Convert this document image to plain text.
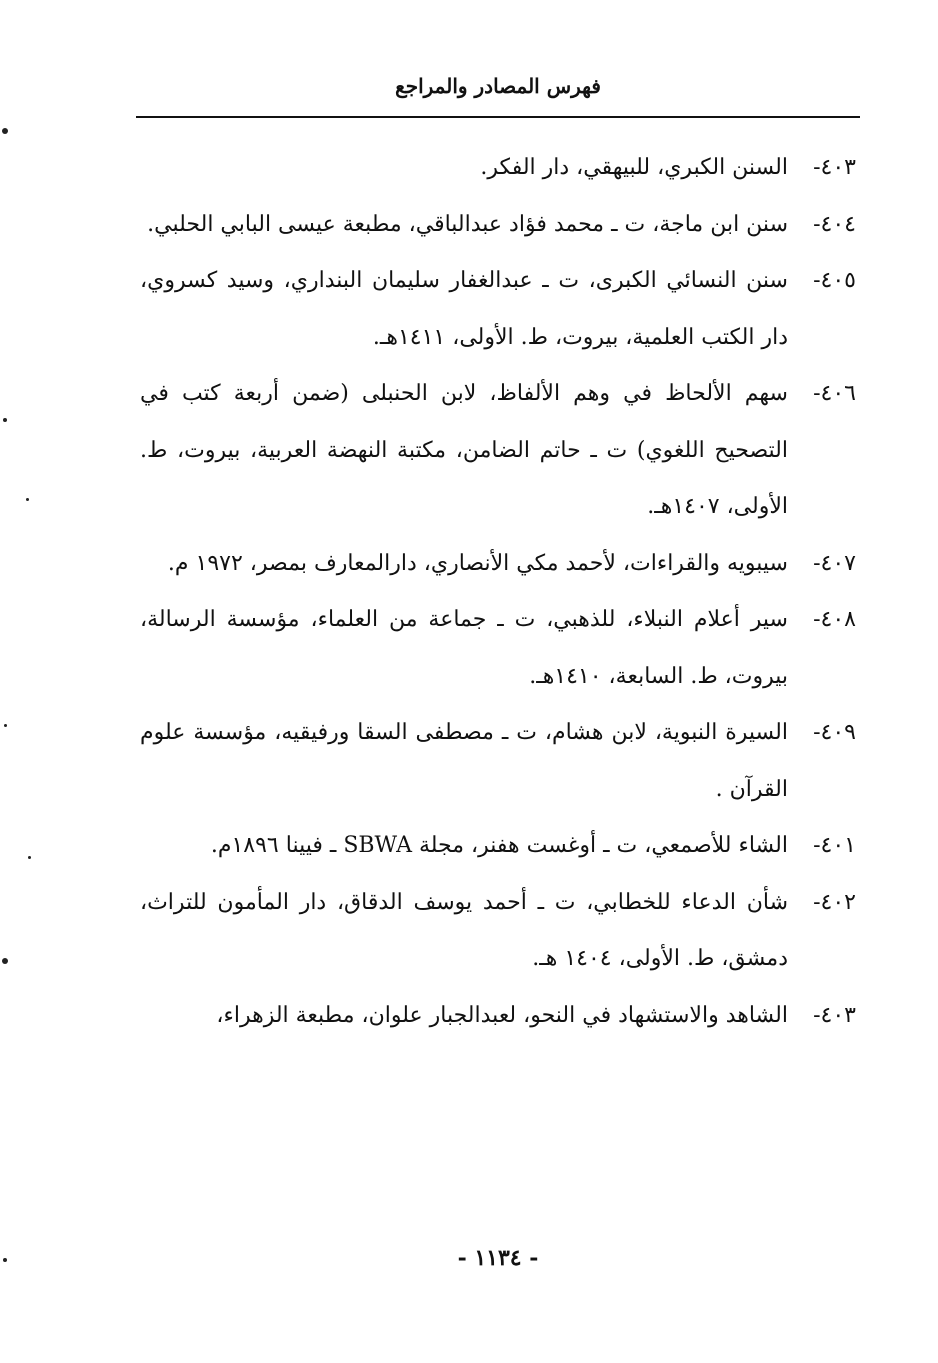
فهرس المصادر والمراجع
٤٠٣-
السنن الكبري، للبيهقي، دار الفكر.
٤٠٤-
سنن ابن ماجة، ت ـ محمد فؤاد عبدالباقي، مطبعة عيسى البابي الحلبي.
٤٠٥-
سنن النسائي الكبرى، ت ـ عبدالغفار سليمان البنداري، وسيد كسروي، دار الكتب العلمية، بيروت، ط. الأولى، ١٤١١هـ.
٤٠٦-
سهم الألحاظ في وهم الألفاظ، لابن الحنبلى (ضمن أربعة كتب في التصحيح اللغوي) ت ـ حاتم الضامن، مكتبة النهضة العربية، بيروت، ط. الأولى، ١٤٠٧هـ.
٤٠٧-
سيبويه والقراءات، لأحمد مكي الأنصاري، دارالمعارف بمصر، ١٩٧٢ م.
٤٠٨-
سير أعلام النبلاء، للذهبي، ت ـ جماعة من العلماء، مؤسسة الرسالة، بيروت، ط. السابعة، ١٤١٠هـ.
٤٠٩-
السيرة النبوية، لابن هشام، ت ـ مصطفى السقا ورفيقيه، مؤسسة علوم القرآن .
٤٠١-
الشاء للأصمعي، ت ـ أوغست هفنر، مجلة SBWA ـ فيينا ١٨٩٦م.
٤٠٢-
شأن الدعاء للخطابي، ت ـ أحمد يوسف الدقاق، دار المأمون للتراث، دمشق، ط. الأولى، ١٤٠٤ هـ.
٤٠٣-
الشاهد والاستشهاد في النحو، لعبدالجبار علوان، مطبعة الزهراء،
- ١١٣٤ -
